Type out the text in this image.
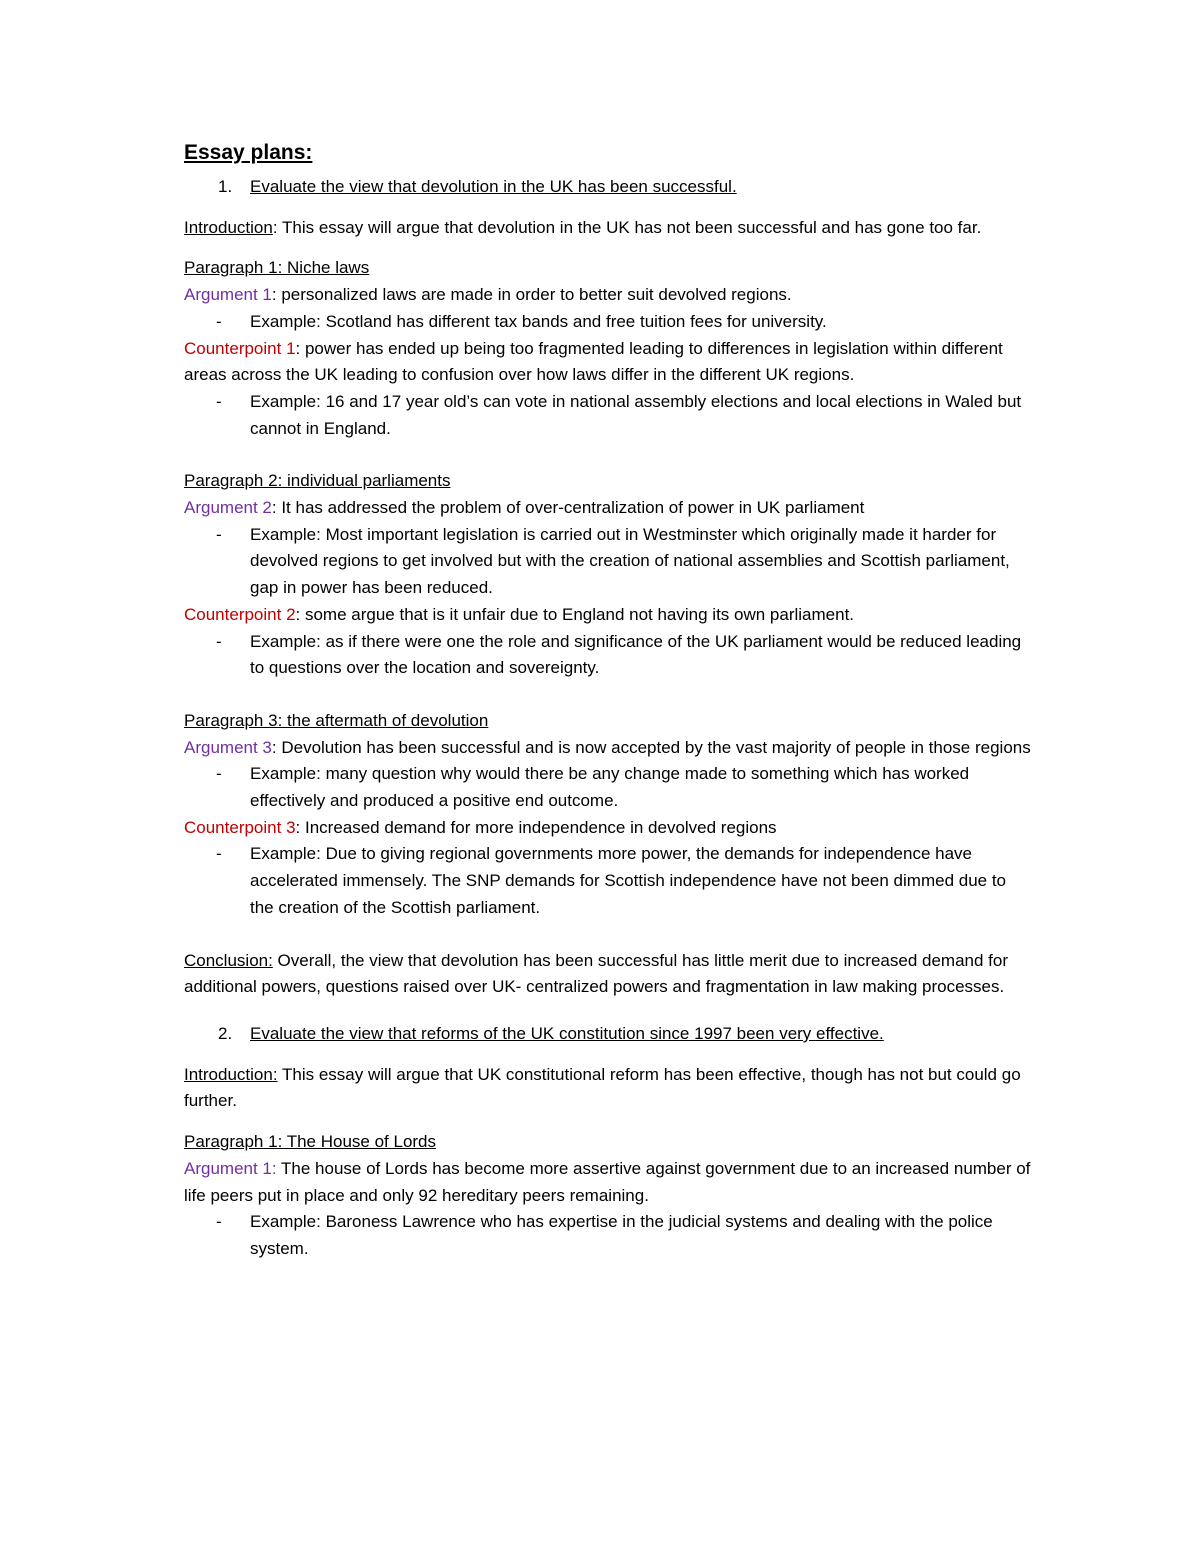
Essay plans:
1.	Evaluate the view that devolution in the UK has been successful.

Introduction: This essay will argue that devolution in the UK has not been successful and has gone too far.

Paragraph 1: Niche laws

Argument 1: personalized laws are made in order to better suit devolved regions.

-	Example: Scotland has different tax bands and free tuition fees for university.

Counterpoint 1: power has ended up being too fragmented leading to differences in legislation within different areas across the UK leading to confusion over how laws differ in the different UK regions.

-	Example: 16 and 17 year old’s can vote in national assembly elections and local elections in Waled but cannot in England.

Paragraph 2: individual parliaments

Argument 2: It has addressed the problem of over-centralization of power in UK parliament

-	Example: Most important legislation is carried out in Westminster which originally made it harder for devolved regions to get involved but with the creation of national assemblies and Scottish parliament, gap in power has been reduced.

Counterpoint 2: some argue that is it unfair due to England not having its own parliament.

-	Example: as if there were one the role and significance of the UK parliament would be reduced leading to questions over the location and sovereignty.

Paragraph 3: the aftermath of devolution

Argument 3: Devolution has been successful and is now accepted by the vast majority of people in those regions

-	Example: many question why would there be any change made to something which has worked effectively and produced a positive end outcome.

Counterpoint 3: Increased demand for more independence in devolved regions

-	Example: Due to giving regional governments more power, the demands for independence have accelerated immensely. The SNP demands for Scottish independence have not been dimmed due to the creation of the Scottish parliament.

Conclusion: Overall, the view that devolution has been successful has little merit due to increased demand for additional powers, questions raised over UK- centralized powers and fragmentation in law making processes.

2.	Evaluate the view that reforms of the UK constitution since 1997 been very effective.

Introduction: This essay will argue that UK constitutional reform has been effective, though has not but could go further.

Paragraph 1: The House of Lords

Argument 1: The house of Lords has become more assertive against government due to an increased number of life peers put in place and only 92 hereditary peers remaining.

-	Example: Baroness Lawrence who has expertise in the judicial systems and dealing with the police system.
